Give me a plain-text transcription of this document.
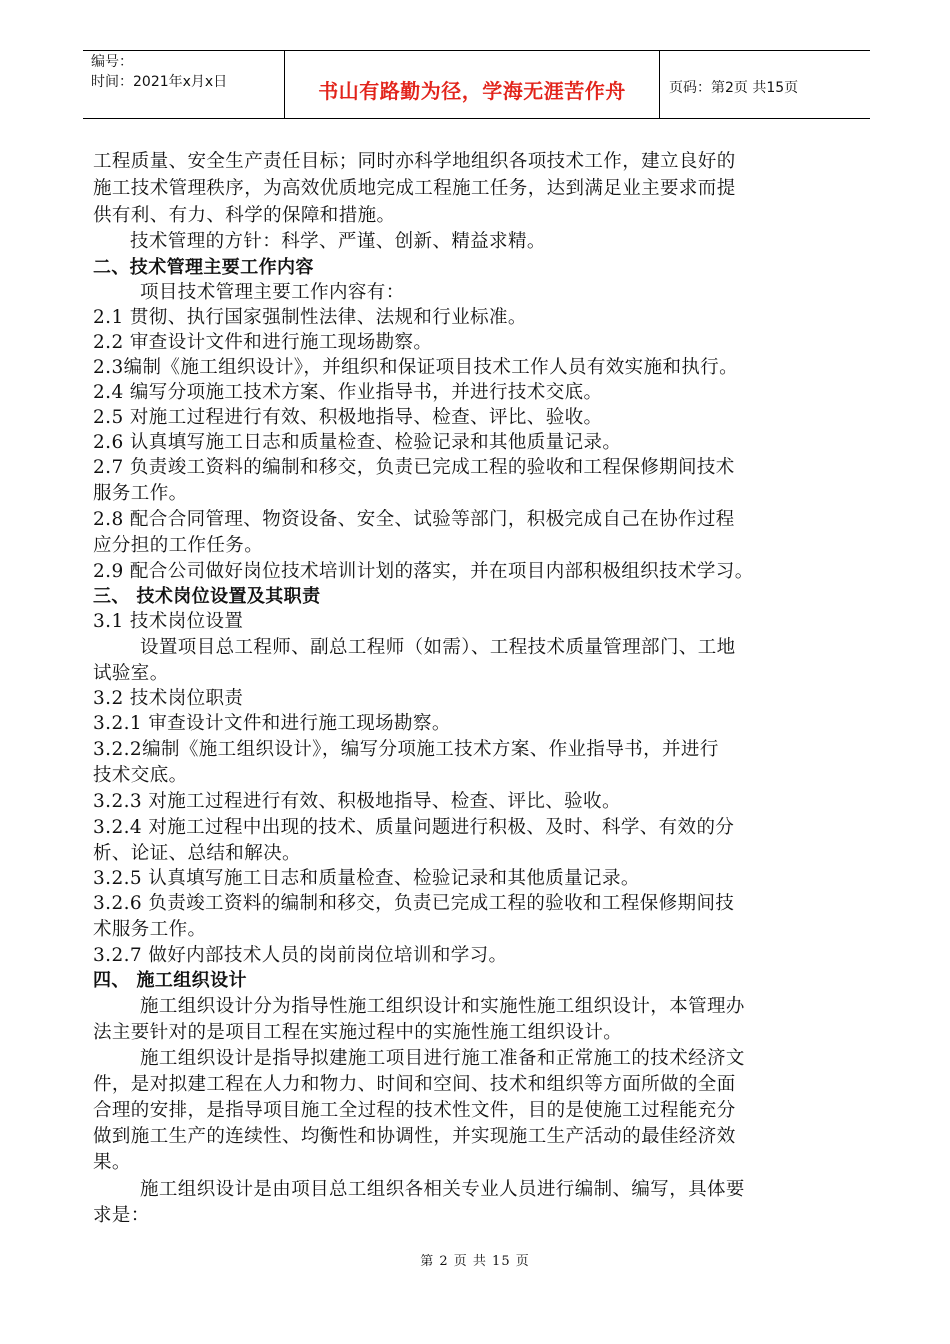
编号：
时间：2021年x月x日	书山有路勤为径，学海无涯苦作舟	页码：第2页 共15页
工程质量、安全生产责任目标；同时亦科学地组织各项技术工作，建立良好的
施工技术管理秩序，为高效优质地完成工程施工任务，达到满足业主要求而提
供有利、有力、科学的保障和措施。
技术管理的方针：科学、严谨、创新、精益求精。
二、技术管理主要工作内容
项目技术管理主要工作内容有：
2.1 贯彻、执行国家强制性法律、法规和行业标准。
2.2 审查设计文件和进行施工现场勘察。
2.3编制《施工组织设计》，并组织和保证项目技术工作人员有效实施和执行。
2.4 编写分项施工技术方案、作业指导书，并进行技术交底。
2.5 对施工过程进行有效、积极地指导、检查、评比、验收。
2.6 认真填写施工日志和质量检查、检验记录和其他质量记录。
2.7 负责竣工资料的编制和移交，负责已完成工程的验收和工程保修期间技术
服务工作。
2.8 配合合同管理、物资设备、安全、试验等部门，积极完成自己在协作过程
应分担的工作任务。
2.9 配合公司做好岗位技术培训计划的落实，并在项目内部积极组织技术学习。
三、 技术岗位设置及其职责
3.1 技术岗位设置
设置项目总工程师、副总工程师（如需）、工程技术质量管理部门、工地
试验室。
3.2 技术岗位职责
3.2.1 审查设计文件和进行施工现场勘察。
3.2.2编制《施工组织设计》，编写分项施工技术方案、作业指导书，并进行
技术交底。
3.2.3 对施工过程进行有效、积极地指导、检查、评比、验收。
3.2.4 对施工过程中出现的技术、质量问题进行积极、及时、科学、有效的分
析、论证、总结和解决。
3.2.5 认真填写施工日志和质量检查、检验记录和其他质量记录。
3.2.6 负责竣工资料的编制和移交，负责已完成工程的验收和工程保修期间技
术服务工作。
3.2.7 做好内部技术人员的岗前岗位培训和学习。
四、 施工组织设计
施工组织设计分为指导性施工组织设计和实施性施工组织设计，本管理办
法主要针对的是项目工程在实施过程中的实施性施工组织设计。
施工组织设计是指导拟建施工项目进行施工准备和正常施工的技术经济文
件，是对拟建工程在人力和物力、时间和空间、技术和组织等方面所做的全面
合理的安排，是指导项目施工全过程的技术性文件，目的是使施工过程能充分
做到施工生产的连续性、均衡性和协调性，并实现施工生产活动的最佳经济效
果。
施工组织设计是由项目总工组织各相关专业人员进行编制、编写，具体要
求是：
第 2 页 共 15 页
